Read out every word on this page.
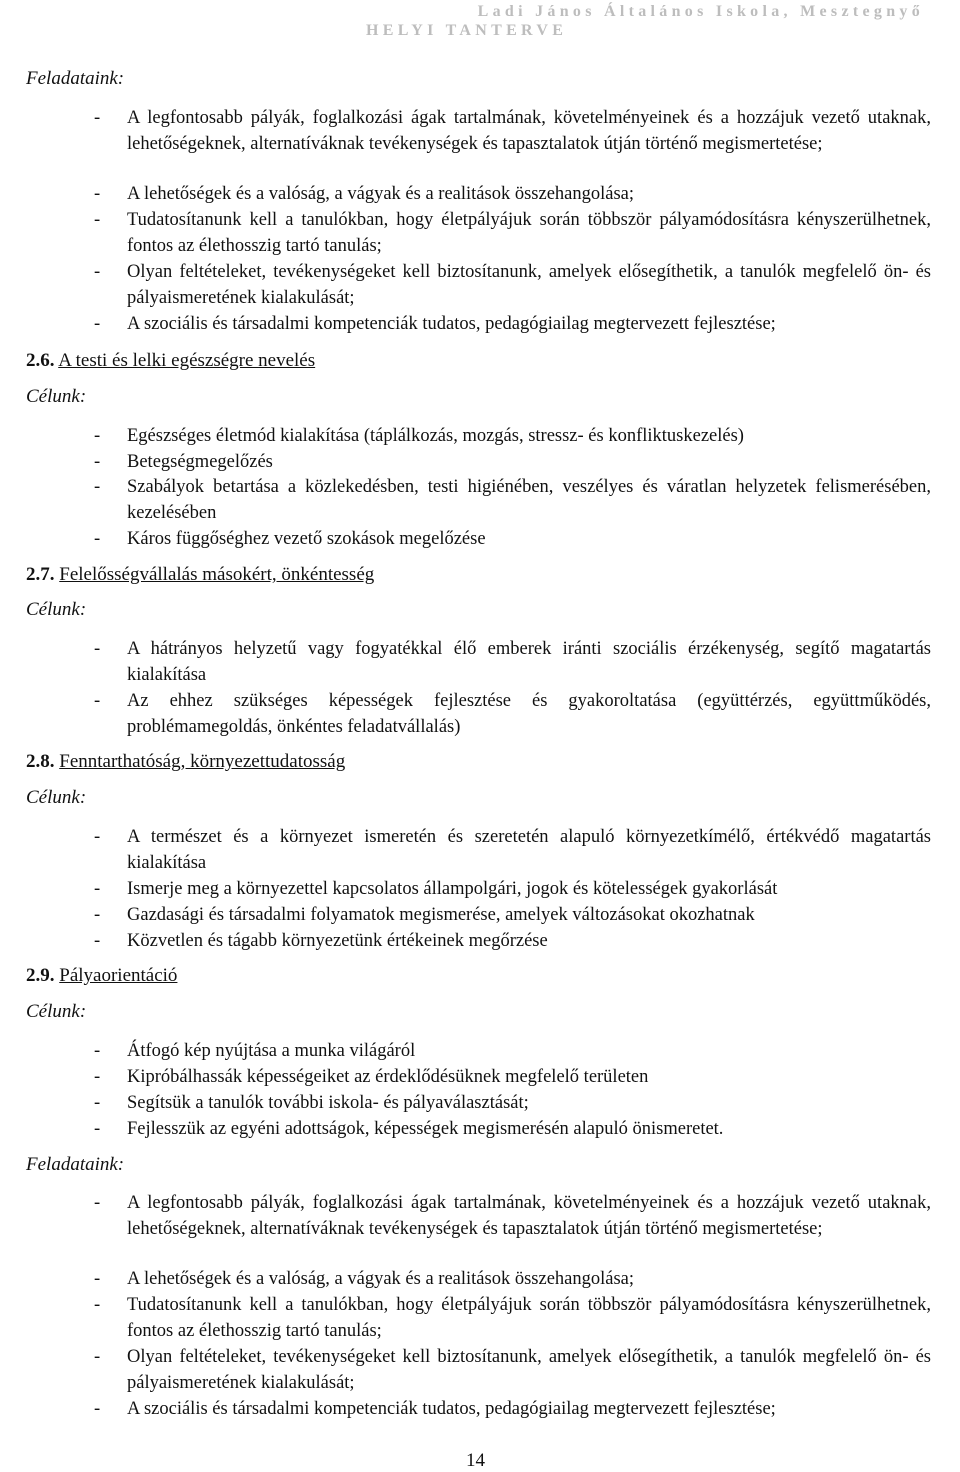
Ladi János Általános Iskola, Mesztegnyő
HELYI TANTERVE
Feladataink:
- A legfontosabb pályák, foglalkozási ágak tartalmának, követelményeinek és a hozzájuk vezető utaknak, lehetőségeknek, alternatíváknak tevékenységek és tapasztalatok útján történő megismertetése;
- A lehetőségek és a valóság, a vágyak és a realitások összehangolása;
- Tudatosítanunk kell a tanulókban, hogy életpályájuk során többször pályamódosításra kényszerülhetnek, fontos az élethosszig tartó tanulás;
- Olyan feltételeket, tevékenységeket kell biztosítanunk, amelyek elősegíthetik, a tanulók megfelelő ön- és pályaismeretének kialakulását;
- A szociális és társadalmi kompetenciák tudatos, pedagógiailag megtervezett fejlesztése;
2.6. A testi és lelki egészségre nevelés
Célunk:
- Egészséges életmód kialakítása (táplálkozás, mozgás, stressz- és konfliktuskezelés)
- Betegségmegelőzés
- Szabályok betartása a közlekedésben, testi higiénében, veszélyes és váratlan helyzetek felismerésében, kezelésében
- Káros függőséghez vezető szokások megelőzése
2.7. Felelősségvállalás másokért, önkéntesség
Célunk:
- A hátrányos helyzetű vagy fogyatékkal élő emberek iránti szociális érzékenység, segítő magatartás kialakítása
- Az ehhez szükséges képességek fejlesztése és gyakoroltatása (együttérzés, együttműködés, problémamegoldás, önkéntes feladatvállalás)
2.8. Fenntarthatóság, környezettudatosság
Célunk:
- A természet és a környezet ismeretén és szeretetén alapuló környezetkímélő, értékvédő magatartás kialakítása
- Ismerje meg a környezettel kapcsolatos állampolgári, jogok és kötelességek gyakorlását
- Gazdasági és társadalmi folyamatok megismerése, amelyek változásokat okozhatnak
- Közvetlen és tágabb környezetünk értékeinek megőrzése
2.9. Pályaorientáció
Célunk:
- Átfogó kép nyújtása a munka világáról
- Kipróbálhassák képességeiket az érdeklődésüknek megfelelő területen
- Segítsük a tanulók további iskola- és pályaválasztását;
- Fejlesszük az egyéni adottságok, képességek megismerésén alapuló önismeretet.
Feladataink:
- A legfontosabb pályák, foglalkozási ágak tartalmának, követelményeinek és a hozzájuk vezető utaknak, lehetőségeknek, alternatíváknak tevékenységek és tapasztalatok útján történő megismertetése;
- A lehetőségek és a valóság, a vágyak és a realitások összehangolása;
- Tudatosítanunk kell a tanulókban, hogy életpályájuk során többször pályamódosításra kényszerülhetnek, fontos az élethosszig tartó tanulás;
- Olyan feltételeket, tevékenységeket kell biztosítanunk, amelyek elősegíthetik, a tanulók megfelelő ön- és pályaismeretének kialakulását;
- A szociális és társadalmi kompetenciák tudatos, pedagógiailag megtervezett fejlesztése;
14
